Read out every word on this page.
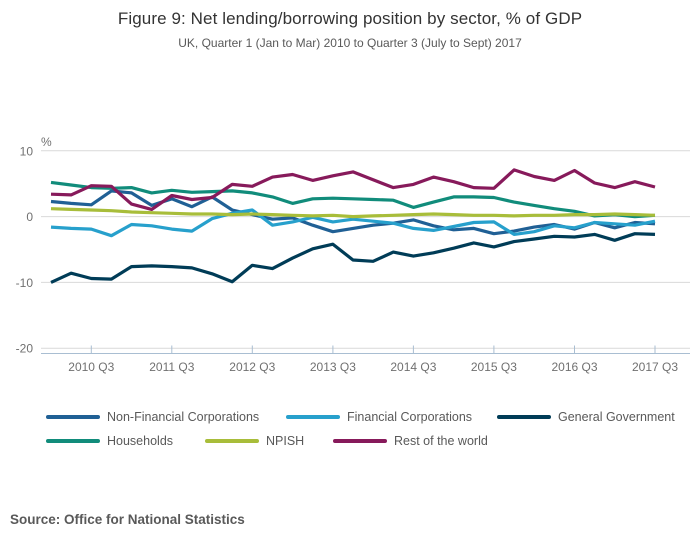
Figure 9: Net lending/borrowing position by sector, % of GDP
UK, Quarter 1 (Jan to Mar) 2010 to Quarter 3 (July to Sept) 2017
10
0
-10
-20
%
2010 Q3	2011 Q3	2012 Q3	2013 Q3	2014 Q3	2015 Q3	2016 Q3	2017 Q3
Non-Financial Corporations	Financial Corporations	General Government
Households	NPISH	Rest of the world
Source: Office for National Statistics
